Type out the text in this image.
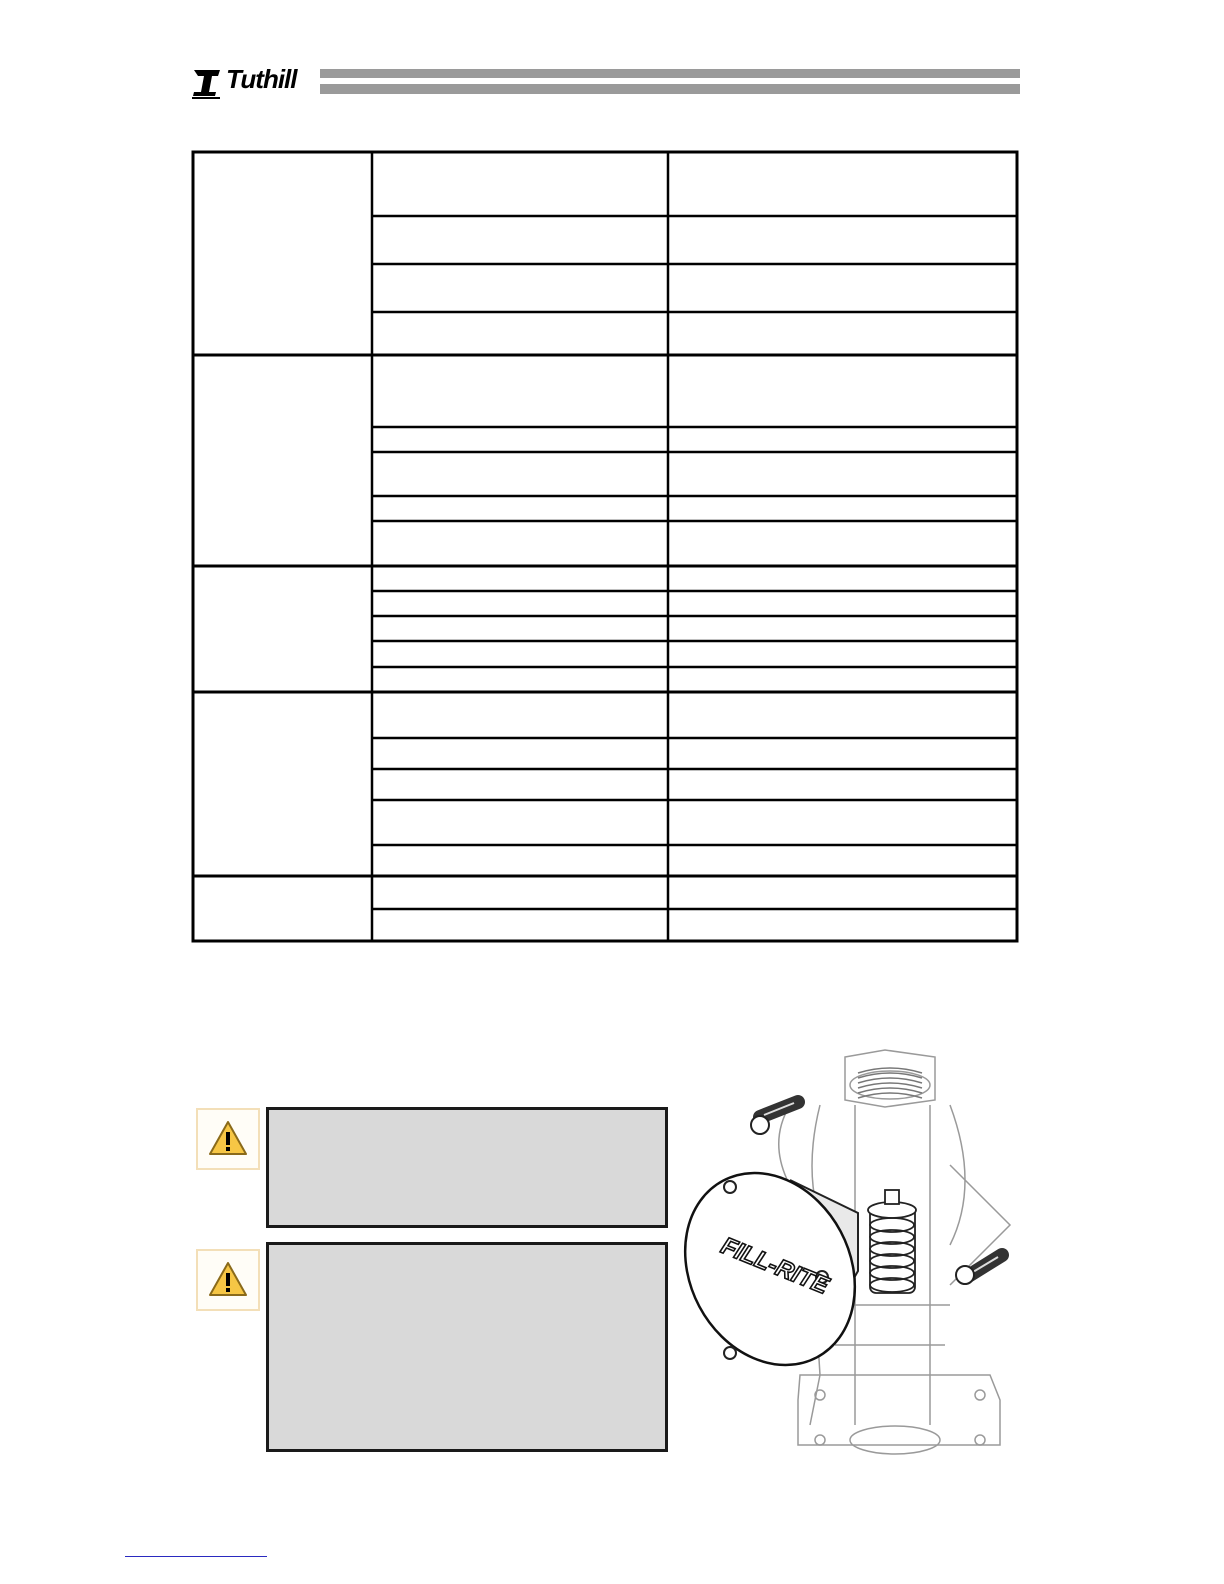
Tuthill
FILL-RITE
